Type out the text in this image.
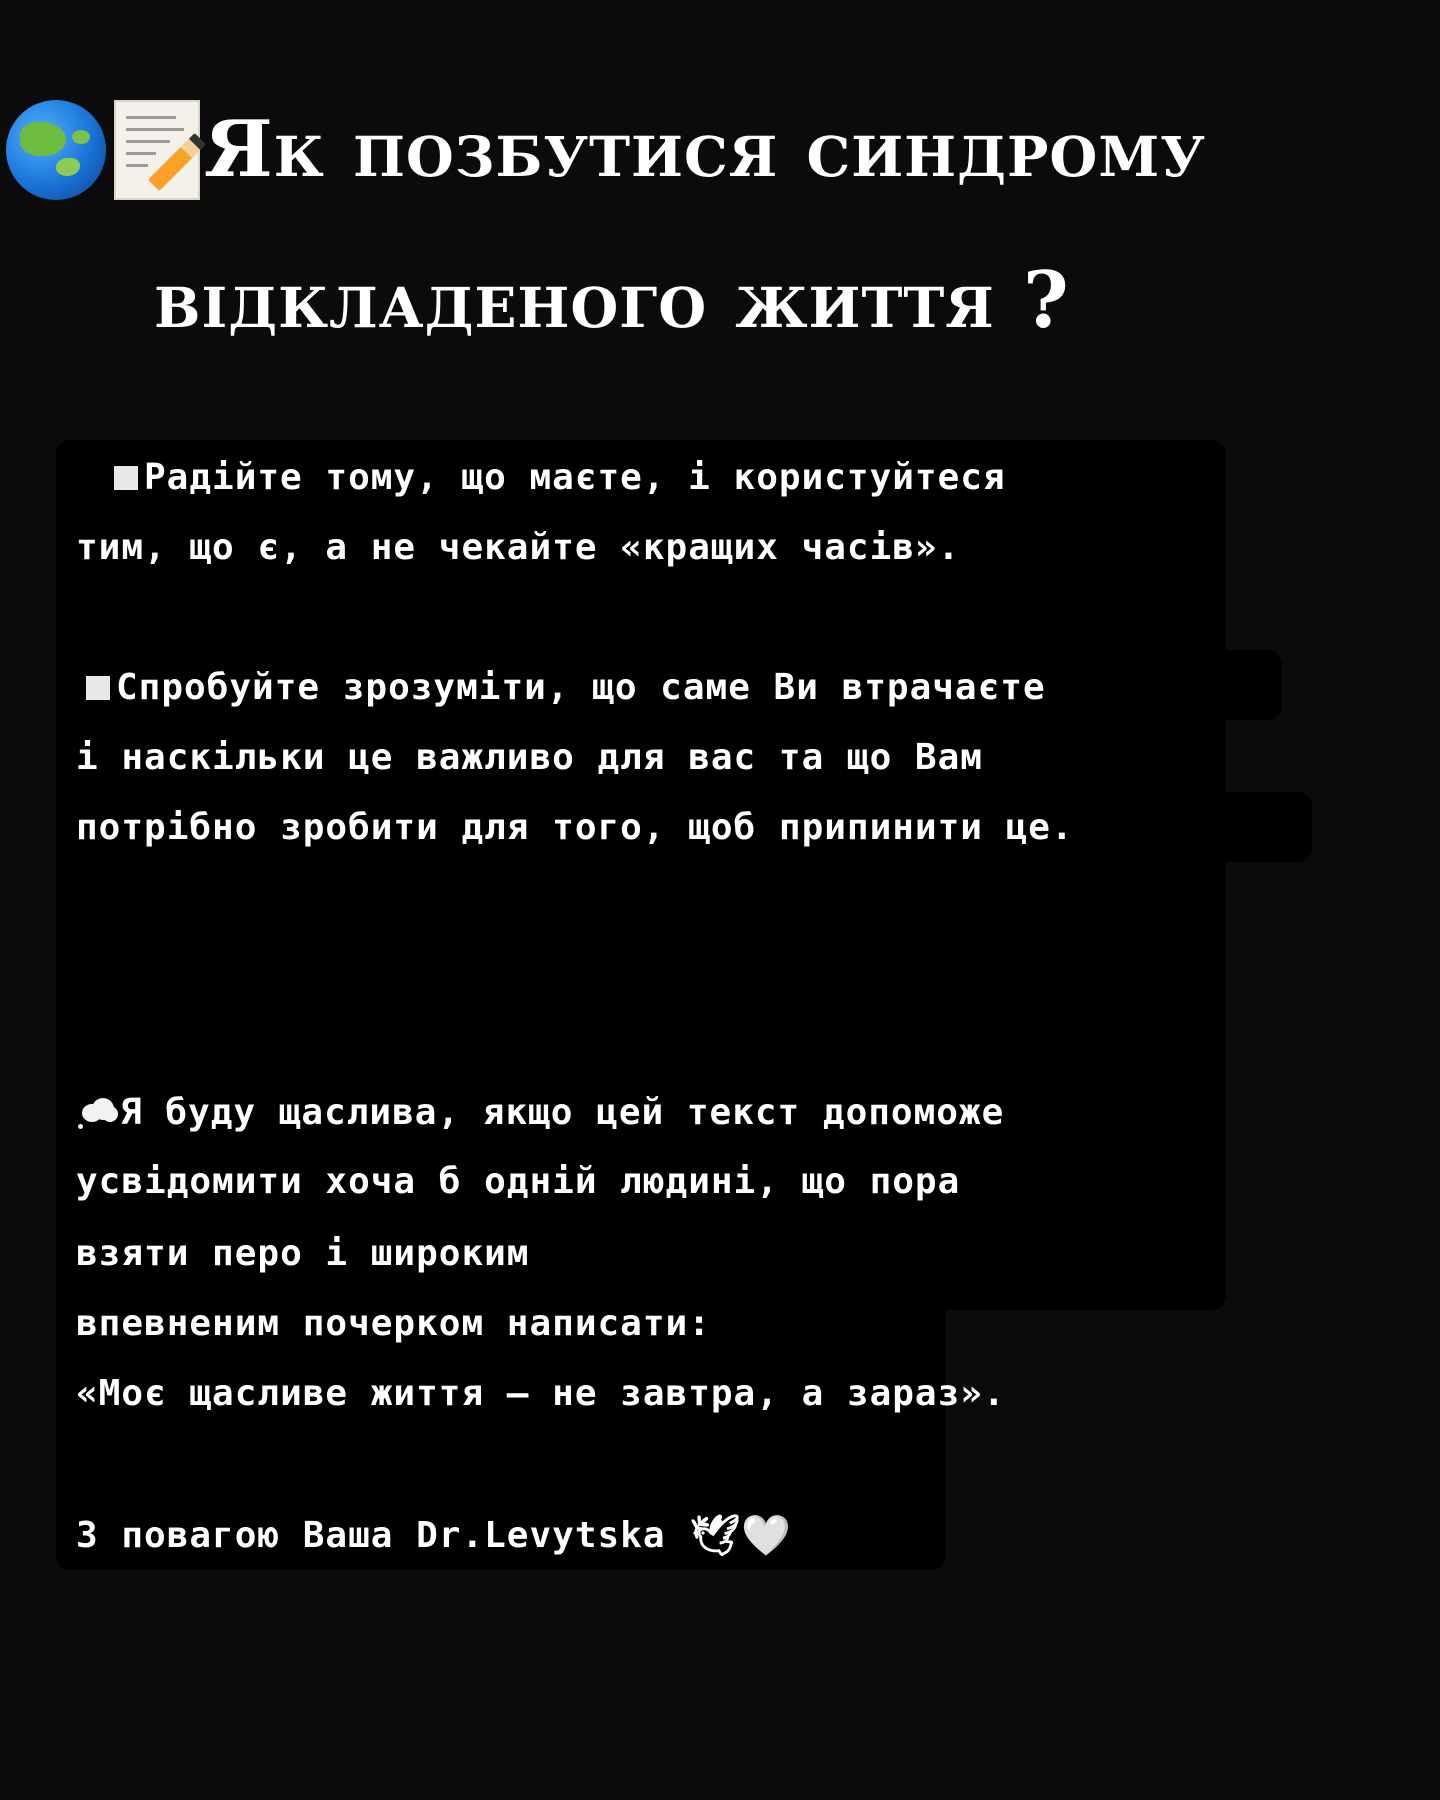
Як позбутися синдрому
відкладеного життя ?
Радійте тому, що маєте, і користуйтеся
тим, що є, а не чекайте «кращих часів».
Спробуйте зрозуміти, що саме Ви втрачаєте
і наскільки це важливо для вас та що Вам
потрібно зробити для того, щоб припинити це.
Я буду щаслива, якщо цей текст допоможе
усвідомити хоча б одній людині, що пора
взяти перо і широким
впевненим почерком написати:
«Моє щасливе життя – не завтра, а зараз».
З повагою Ваша Dr.Levytska 🕊🤍
